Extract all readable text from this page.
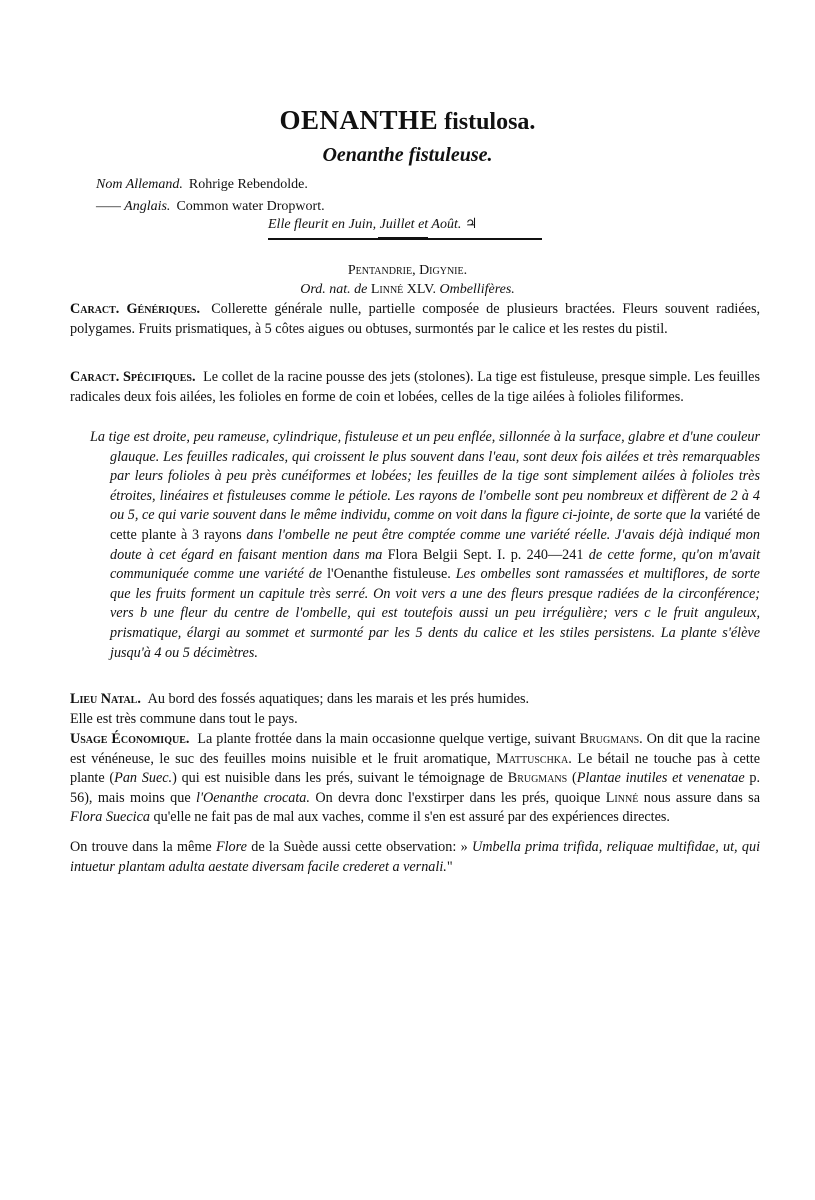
OENANTHE fistulosa.
Oenanthe fistuleuse.
Nom Allemand. Rohrige Rebendolde.
—— Anglais. Common water Dropwort.
Elle fleurit en Juin, Juillet et Août. ♃
Pentandrie, Digynie.
Ord. nat. de Linné XLV. Ombellifères.
Caract. Génériques. Collerette générale nulle, partielle composée de plusieurs bractées. Fleurs souvent radiées, polygames. Fruits prismatiques, à 5 côtes aigues ou obtuses, surmontés par le calice et les restes du pistil.
Caract. Spécifiques. Le collet de la racine pousse des jets (stolones). La tige est fistuleuse, presque simple. Les feuilles radicales deux fois ailées, les folioles en forme de coin et lobées, celles de la tige ailées à folioles filiformes.
La tige est droite, peu rameuse, cylindrique, fistuleuse et un peu enflée, sillonnée à la surface, glabre et d'une couleur glauque. Les feuilles radicales, qui croissent le plus souvent dans l'eau, sont deux fois ailées et très remarquables par leurs folioles à peu près cunéiformes et lobées; les feuilles de la tige sont simplement ailées à folioles très étroites, linéaires et fistuleuses comme le pétiole. Les rayons de l'ombelle sont peu nombreux et diffèrent de 2 à 4 ou 5, ce qui varie souvent dans le même individu, comme on voit dans la figure ci-jointe, de sorte que la variété de cette plante à 3 rayons dans l'ombelle ne peut être comptée comme une variété réelle. J'avais déjà indiqué mon doute à cet égard en faisant mention dans ma Flora Belgii Sept. I. p. 240—241 de cette forme, qu'on m'avait communiquée comme une variété de l'Oenanthe fistuleuse. Les ombelles sont ramassées et multiflores, de sorte que les fruits forment un capitule très serré. On voit vers a une des fleurs presque radiées de la circonférence; vers b une fleur du centre de l'ombelle, qui est toutefois aussi un peu irrégulière; vers c le fruit anguleux, prismatique, élargi au sommet et surmonté par les 5 dents du calice et les stiles persistens. La plante s'élève jusqu'à 4 ou 5 décimètres.
Lieu Natal. Au bord des fossés aquatiques; dans les marais et les prés humides.
Elle est très commune dans tout le pays.
Usage Économique. La plante frottée dans la main occasionne quelque vertige, suivant Brugmans. On dit que la racine est vénéneuse, le suc des feuilles moins nuisible et le fruit aromatique, Mattuschka. Le bétail ne touche pas à cette plante (Pan Suec.) qui est nuisible dans les prés, suivant le témoignage de Brugmans (Plantae inutiles et venenatae p. 56), mais moins que l'Oenanthe crocata. On devra donc l'exstirper dans les prés, quoique Linné nous assure dans sa Flora Suecica qu'elle ne fait pas de mal aux vaches, comme il s'en est assuré par des expériences directes.
On trouve dans la même Flore de la Suède aussi cette observation: » Umbella prima trifida, reliquae multifidae, ut, qui intuetur plantam adulta aestate diversam facile crederet a vernali."
